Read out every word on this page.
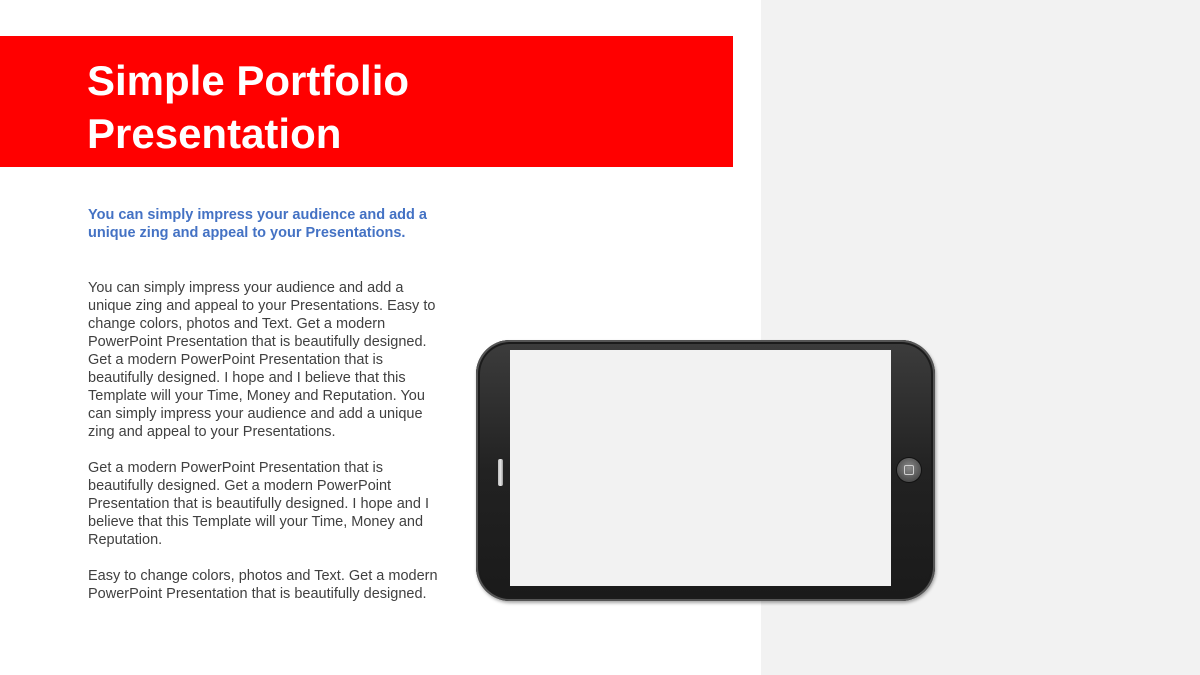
Simple Portfolio
Presentation

You can simply impress your audience and add a unique zing and appeal to your Presentations.

You can simply impress your audience and add a unique zing and appeal to your Presentations. Easy to change colors, photos and Text. Get a modern PowerPoint Presentation that is beautifully designed. Get a modern PowerPoint Presentation that is beautifully designed. I hope and I believe that this Template will your Time, Money and Reputation. You can simply impress your audience and add a unique zing and appeal to your Presentations.

Get a modern PowerPoint Presentation that is beautifully designed. Get a modern PowerPoint Presentation that is beautifully designed. I hope and I believe that this Template will your Time, Money and Reputation.

Easy to change colors, photos and Text. Get a modern PowerPoint Presentation that is beautifully designed.
